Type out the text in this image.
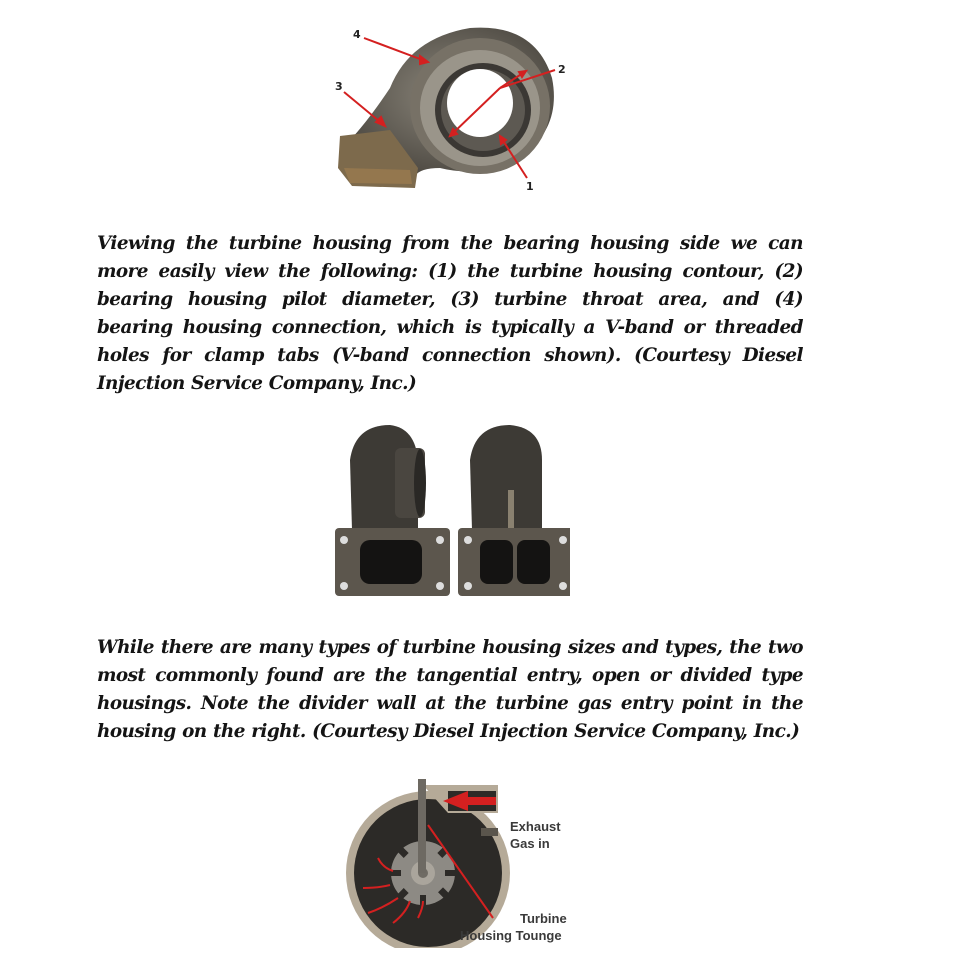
4
3
2
1

Viewing the turbine housing from the bearing housing side we can more easily view the following: (1) the turbine housing contour, (2) bearing housing pilot diameter, (3) turbine throat area, and (4) bearing housing connection, which is typically a V-band or threaded holes for clamp tabs (V-band connection shown). (Courtesy Diesel Injection Service Company, Inc.)

While there are many types of turbine housing sizes and types, the two most commonly found are the tangential entry, open or divided type housings. Note the divider wall at the turbine gas entry point in the housing on the right. (Courtesy Diesel Injection Service Company, Inc.)

Exhaust
Gas in
Turbine
Housing Tounge
